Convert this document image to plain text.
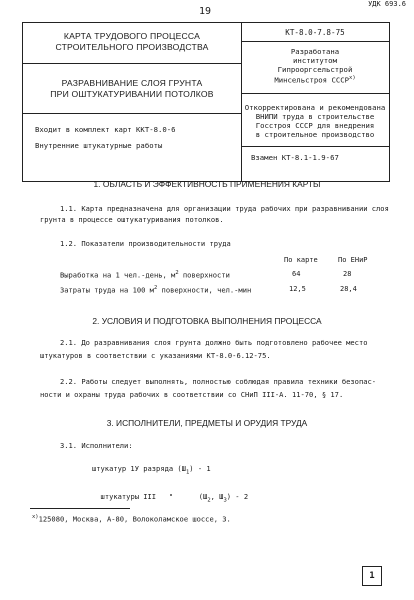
19
УДК 693.6
КАРТА ТРУДОВОГО ПРОЦЕССА
СТРОИТЕЛЬНОГО ПРОИЗВОДСТВА
РАЗРАВНИВАНИЕ СЛОЯ ГРУНТА
ПРИ ОШТУКАТУРИВАНИИ ПОТОЛКОВ
Входит в комплект карт ККТ-8.0-6
Внутренние штукатурные работы
КТ-8.0-7.8-75
Разработана
институтом
Гипрооргсельстрой
Минсельстроя $СССР^{х)}$
Откорректирована и рекомендована
ВНИПИ труда в строительстве
Госстроя СССР для внедрения
в строительное производство
Взамен КТ-8.1-1.9-67
1. ОБЛАСТЬ И ЭФФЕКТИВНОСТЬ ПРИМЕНЕНИЯ КАРТЫ
1.1. Карта предназначена для организации труда рабочих при разравнивании слоя
грунта в процессе оштукатуривания потолков.
1.2. Показатели производительности труда
По карте	По ЕНиР
Выработка на 1 чел.-день, $м^2$ поверхности	64	28
Затраты труда на 100 $м^2$ поверхности, чел.-мин	12,5	28,4
2. УСЛОВИЯ И ПОДГОТОВКА ВЫПОЛНЕНИЯ ПРОЦЕССА
2.1. До разравнивания слоя грунта должно быть подготовлено рабочее место
штукатуров в соответствии с указаниями КТ-8.0-6.12-75.
2.2. Работы следует выполнять, полностью соблюдая правила техники безопас-
ности и охраны труда рабочих в соответствии со СНиП III-А. 11-70, § 17.
3. ИСПОЛНИТЕЛИ, ПРЕДМЕТЫ И ОРУДИЯ ТРУДА
3.1. Исполнители:
штукатур 1У разряда $(Ш_1) - 1$

штукатуры III   "      ($Ш_2$, $Ш_3) - 2$

$^{х)}$125080, Москва, А-80, Волоколамское шоссе, 3.
1
